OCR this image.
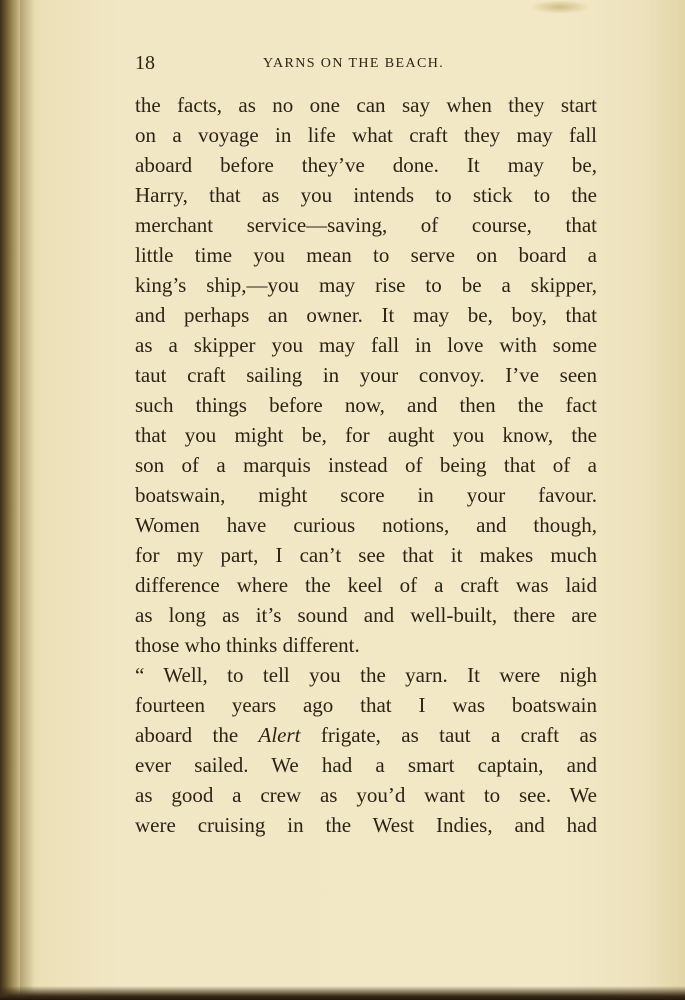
18	YARNS ON THE BEACH.
the facts, as no one can say when they start
on a voyage in life what craft they may fall
aboard before they’ve done. It may be,
Harry, that as you intends to stick to the
merchant service—saving, of course, that
little time you mean to serve on board a
king’s ship,—you may rise to be a skipper,
and perhaps an owner. It may be, boy, that
as a skipper you may fall in love with some
taut craft sailing in your convoy. I’ve seen
such things before now, and then the fact
that you might be, for aught you know, the
son of a marquis instead of being that of a
boatswain, might score in your favour.
Women have curious notions, and though,
for my part, I can’t see that it makes much
difference where the keel of a craft was laid
as long as it’s sound and well-built, there are
those who thinks different.
“ Well, to tell you the yarn. It were nigh
fourteen years ago that I was boatswain
aboard the Alert frigate, as taut a craft as
ever sailed. We had a smart captain, and
as good a crew as you’d want to see. We
were cruising in the West Indies, and had
